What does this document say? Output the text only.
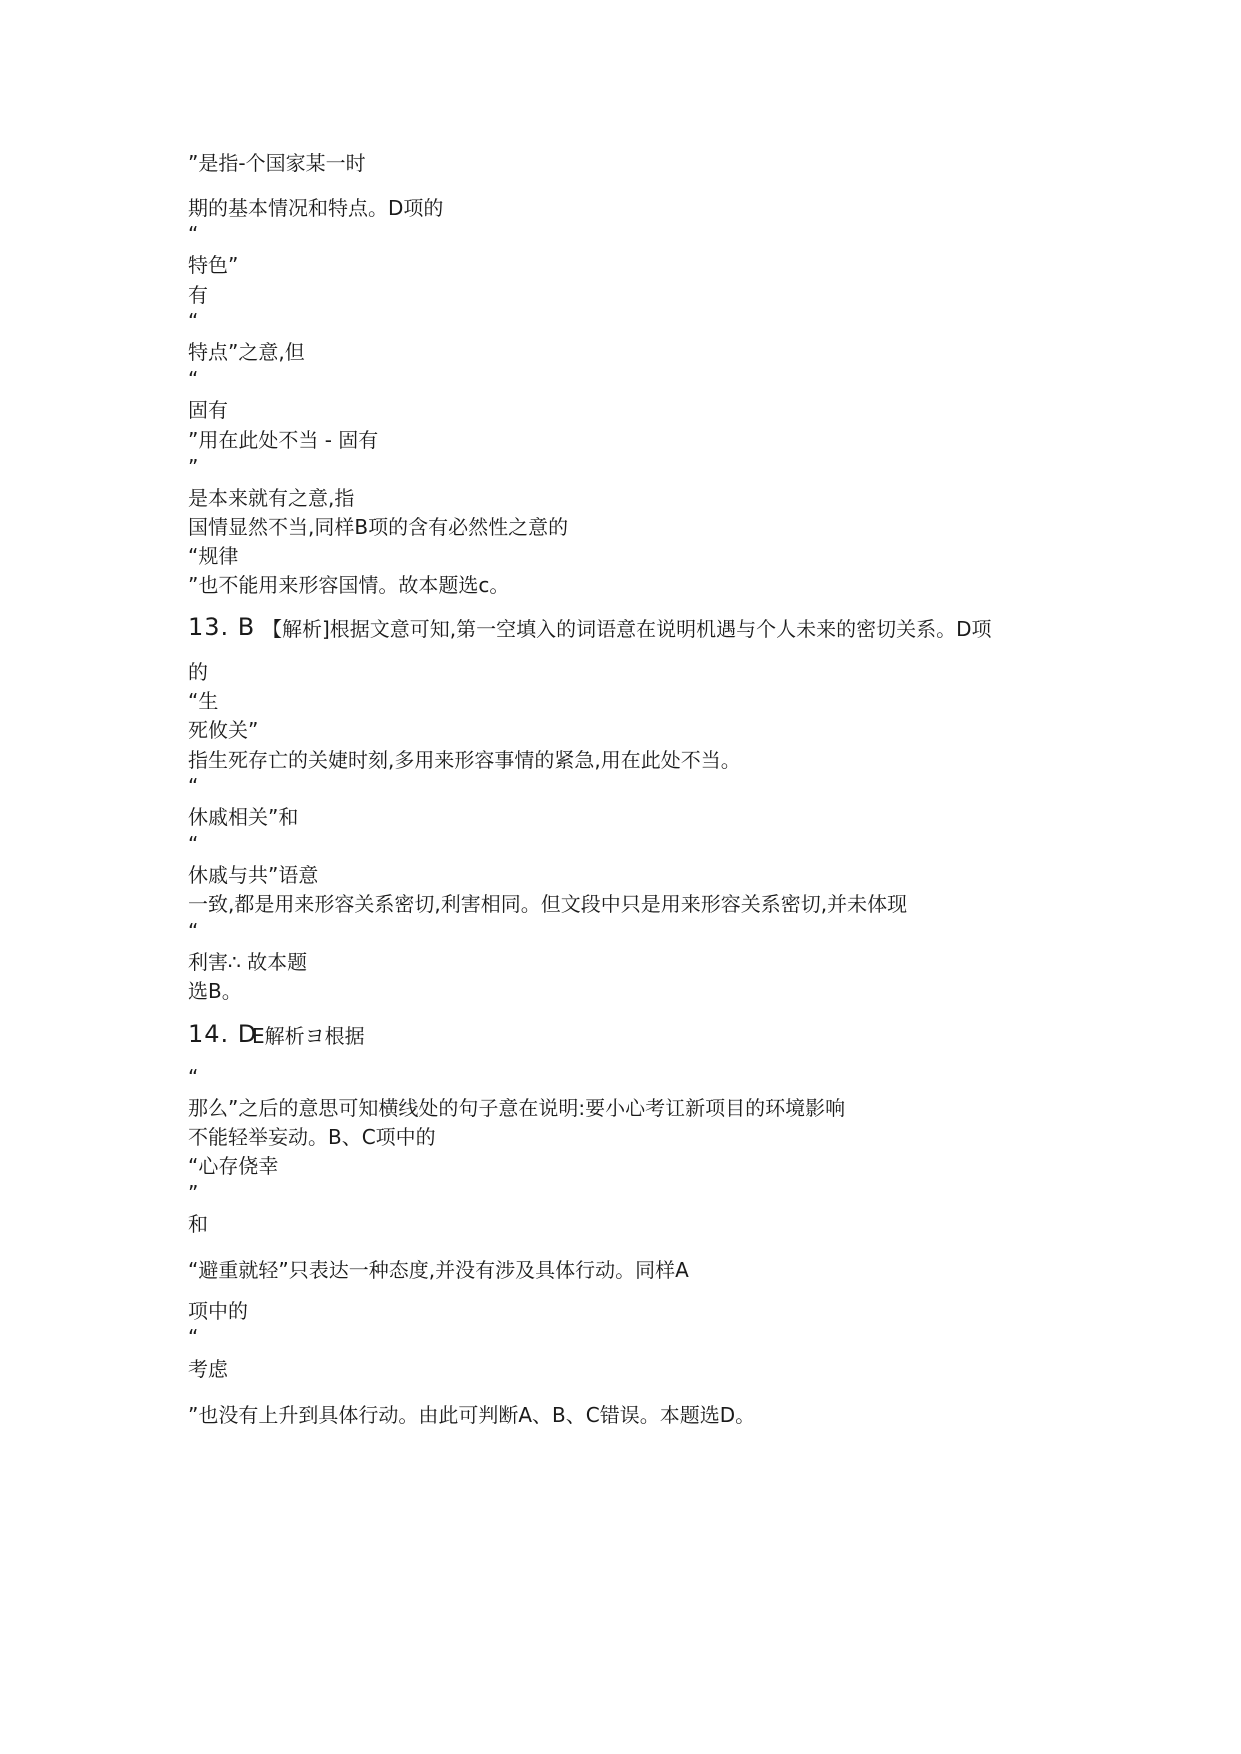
”是指-个国家某一时
期的基本情况和特点。D项的
“
特色”
有
“
特点”之意,但
“
固有
”用在此处不当 - 固有
”
是本来就有之意,指
国情显然不当,同样B项的含有必然性之意的
“规律
”也不能用来形容国情。故本题选c。
13. B 【解析]根据文意可知,第一空填入的词语意在说明机遇与个人未来的密切关系。D项
的
“生
死攸关”
指生死存亡的关婕时刻,多用来形容事情的紧急,用在此处不当。
“
休戚相关”和
“
休戚与共”语意
一致,都是用来形容关系密切,利害相同。但文段中只是用来形容关系密切,并未体现
“
利害∴ 故本题
选B。
14. D
E解析ヨ根据
“
那么”之后的意思可知横线处的句子意在说明:要小心考讧新项目的环境影响
不能轻举妄动。B、C项中的
“心存侥幸
”
和
“避重就轻”只表达一种态度,并没有涉及具体行动。同样A
项中的
“
考虑
”也没有上升到具体行动。由此可判断A、B、C错误。本题选D。
